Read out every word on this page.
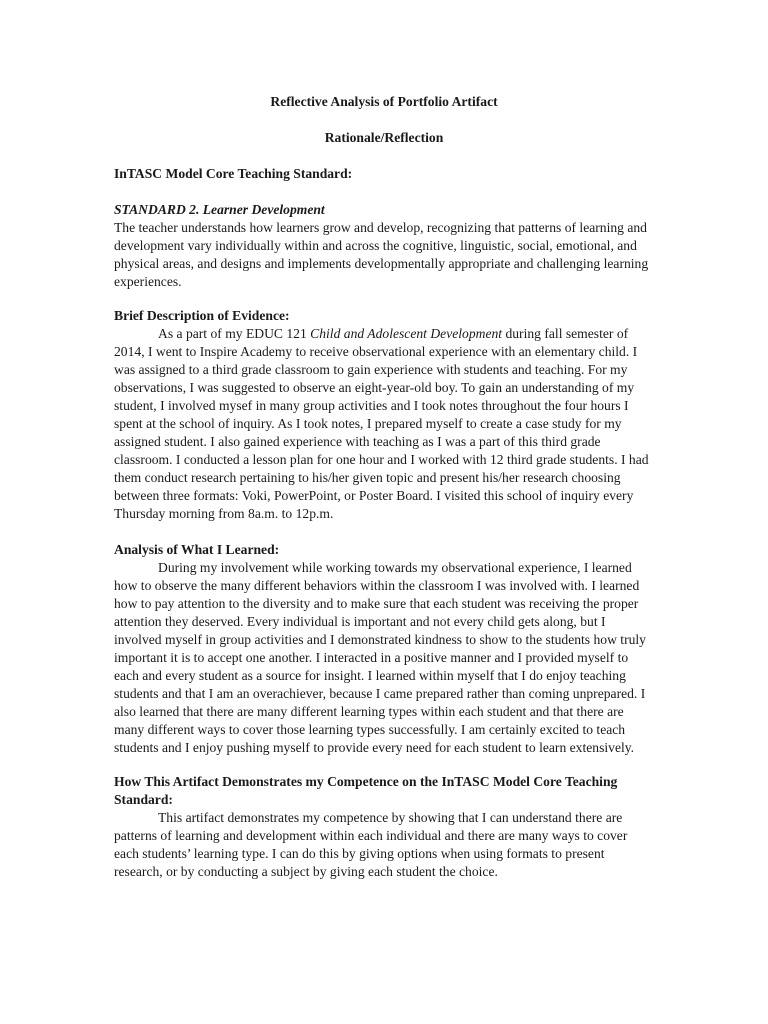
Reflective Analysis of Portfolio Artifact

Rationale/Reflection

InTASC Model Core Teaching Standard:

STANDARD 2. Learner Development

The teacher understands how learners grow and develop, recognizing that patterns of learning and development vary individually within and across the cognitive, linguistic, social, emotional, and physical areas, and designs and implements developmentally appropriate and challenging learning experiences.

Brief Description of Evidence:

As a part of my EDUC 121 Child and Adolescent Development during fall semester of 2014, I went to Inspire Academy to receive observational experience with an elementary child. I was assigned to a third grade classroom to gain experience with students and teaching. For my observations, I was suggested to observe an eight-year-old boy. To gain an understanding of my student, I involved mysef in many group activities and I took notes throughout the four hours I spent at the school of inquiry. As I took notes, I prepared myself to create a case study for my assigned student. I also gained experience with teaching as I was a part of this third grade classroom. I conducted a lesson plan for one hour and I worked with 12 third grade students. I had them conduct research pertaining to his/her given topic and present his/her research choosing between three formats: Voki, PowerPoint, or Poster Board. I visited this school of inquiry every Thursday morning from 8a.m. to 12p.m.

Analysis of What I Learned:

During my involvement while working towards my observational experience, I learned how to observe the many different behaviors within the classroom I was involved with. I learned how to pay attention to the diversity and to make sure that each student was receiving the proper attention they deserved. Every individual is important and not every child gets along, but I involved myself in group activities and I demonstrated kindness to show to the students how truly important it is to accept one another. I interacted in a positive manner and I provided myself to each and every student as a source for insight. I learned within myself that I do enjoy teaching students and that I am an overachiever, because I came prepared rather than coming unprepared. I also learned that there are many different learning types within each student and that there are many different ways to cover those learning types successfully. I am certainly excited to teach students and I enjoy pushing myself to provide every need for each student to learn extensively.

How This Artifact Demonstrates my Competence on the InTASC Model Core Teaching Standard:

This artifact demonstrates my competence by showing that I can understand there are patterns of learning and development within each individual and there are many ways to cover each students’ learning type. I can do this by giving options when using formats to present research, or by conducting a subject by giving each student the choice.
